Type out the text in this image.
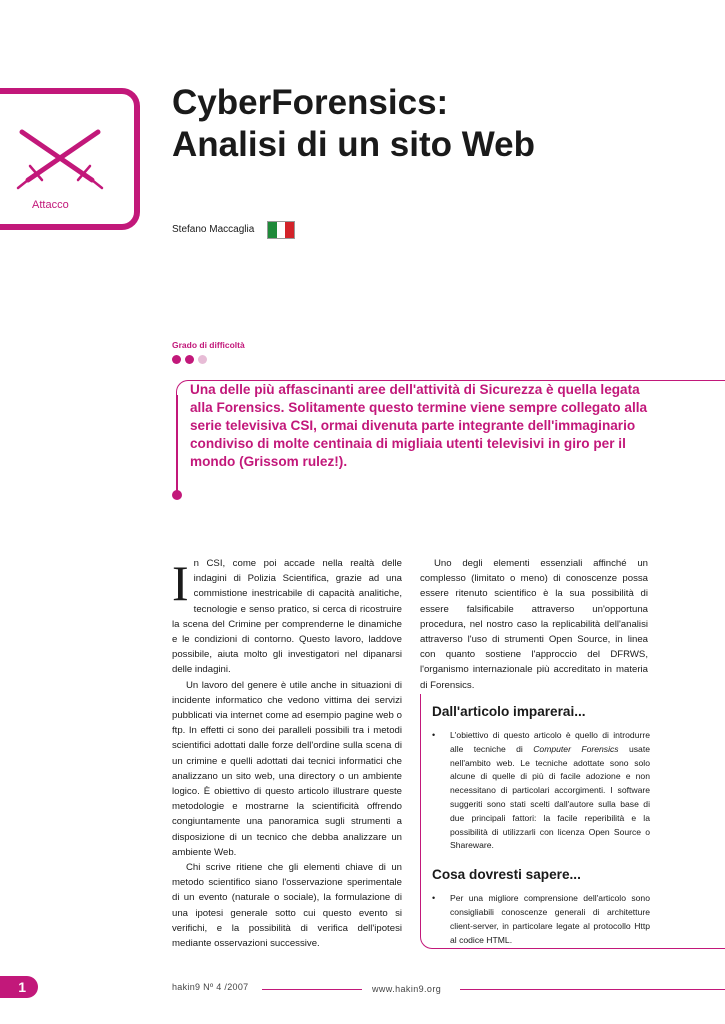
Attacco
CyberForensics:
Analisi di un sito Web
Stefano Maccaglia
Grado di difficoltà

Una delle più affascinanti aree dell'attività di Sicurezza è quella legata alla Forensics. Solitamente questo termine viene sempre collegato alla serie televisiva CSI, ormai divenuta parte integrante dell'immaginario condiviso di molte centinaia di migliaia utenti televisivi in giro per il mondo (Grissom rulez!).

In CSI, come poi accade nella realtà delle indagini di Polizia Scientifica, grazie ad una commistione inestricabile di capacità analitiche, tecnologie e senso pratico, si cerca di ricostruire la scena del Crimine per comprenderne le dinamiche e le condizioni di contorno. Questo lavoro, laddove possibile, aiuta molto gli investigatori nel dipanarsi delle indagini.

Un lavoro del genere è utile anche in situazioni di incidente informatico che vedono vittima dei servizi pubblicati via internet come ad esempio pagine web o ftp. In effetti ci sono dei paralleli possibili tra i metodi scientifici adottati dalle forze dell'ordine sulla scena di un crimine e quelli adottati dai tecnici informatici che analizzano un sito web, una directory o un ambiente logico. È obiettivo di questo articolo illustrare queste metodologie e mostrarne la scientificità offrendo congiuntamente una panoramica sugli strumenti a disposizione di un tecnico che debba analizzare un ambiente Web.

Chi scrive ritiene che gli elementi chiave di un metodo scientifico siano l'osservazione sperimentale di un evento (naturale o sociale), la formulazione di una ipotesi generale sotto cui questo evento si verifichi, e la possibilità di verifica dell'ipotesi mediante osservazioni successive.

Uno degli elementi essenziali affinché un complesso (limitato o meno) di conoscenze possa essere ritenuto scientifico è la sua possibilità di essere falsificabile attraverso un'opportuna procedura, nel nostro caso la replicabilità dell'analisi attraverso l'uso di strumenti Open Source, in linea con quanto sostiene l'approccio del DFRWS, l'organismo internazionale più accreditato in materia di Forensics.

Dall'articolo imparerai...
• L'obiettivo di questo articolo è quello di introdurre alle tecniche di Computer Forensics usate nell'ambito web. Le tecniche adottate sono solo alcune di quelle di più di facile adozione e non necessitano di particolari accorgimenti. I software suggeriti sono stati scelti dall'autore sulla base di due principali fattori: la facile reperibilità e la possibilità di utilizzarli con licenza Open Source o Shareware.
Cosa dovresti sapere...
• Per una migliore comprensione dell'articolo sono consigliabili conoscenze generali di architetture client-server, in particolare legate al protocollo Http al codice HTML.
1	hakin9 Nº 4 /2007	www.hakin9.org
